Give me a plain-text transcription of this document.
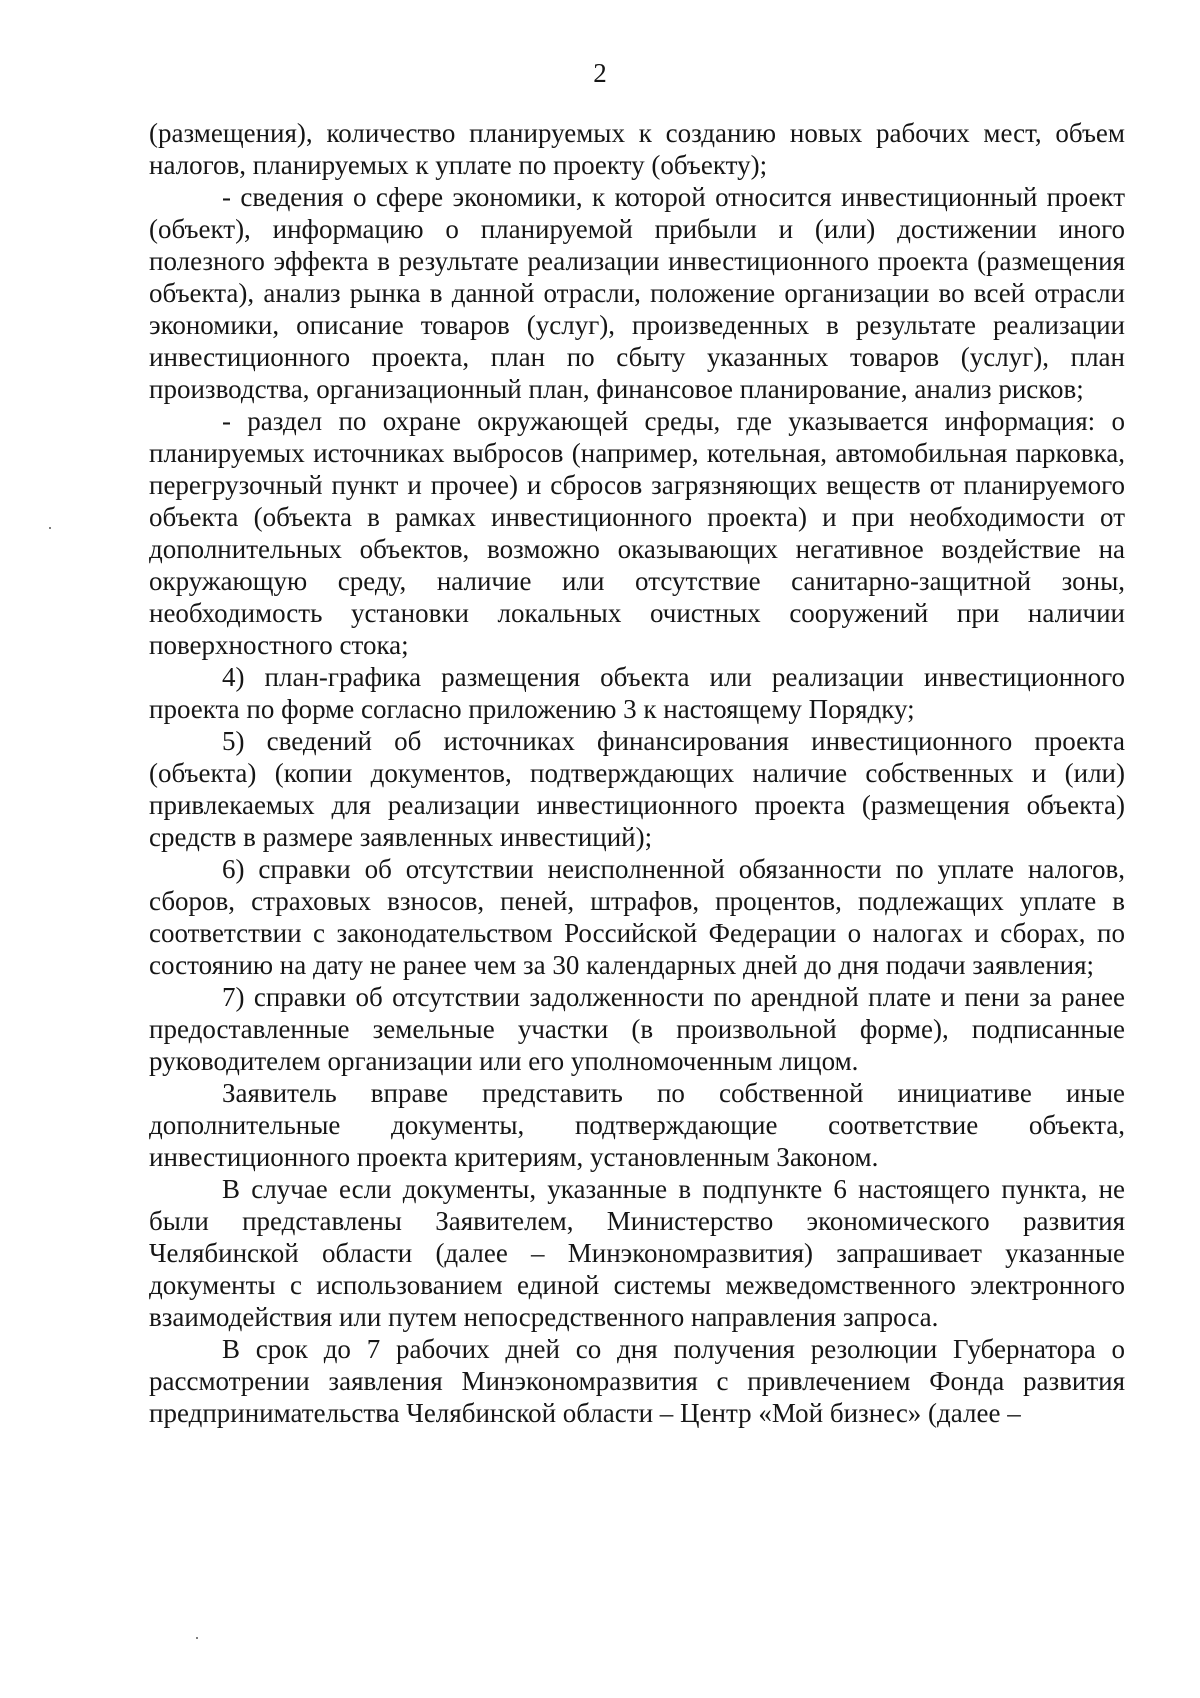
2

(размещения), количество планируемых к созданию новых рабочих мест, объем налогов, планируемых к уплате по проекту (объекту);

- сведения о сфере экономики, к которой относится инвестиционный проект (объект), информацию о планируемой прибыли и (или) достижении иного полезного эффекта в результате реализации инвестиционного проекта (размещения объекта), анализ рынка в данной отрасли, положение организации во всей отрасли экономики, описание товаров (услуг), произведенных в результате реализации инвестиционного проекта, план по сбыту указанных товаров (услуг), план производства, организационный план, финансовое планирование, анализ рисков;

- раздел по охране окружающей среды, где указывается информация: о планируемых источниках выбросов (например, котельная, автомобильная парковка, перегрузочный пункт и прочее) и сбросов загрязняющих веществ от планируемого объекта (объекта в рамках инвестиционного проекта) и при необходимости от дополнительных объектов, возможно оказывающих негативное воздействие на окружающую среду, наличие или отсутствие санитарно-защитной зоны, необходимость установки локальных очистных сооружений при наличии поверхностного стока;

4) план-графика размещения объекта или реализации инвестиционного проекта по форме согласно приложению 3 к настоящему Порядку;

5) сведений об источниках финансирования инвестиционного проекта (объекта) (копии документов, подтверждающих наличие собственных и (или) привлекаемых для реализации инвестиционного проекта (размещения объекта) средств в размере заявленных инвестиций);

6) справки об отсутствии неисполненной обязанности по уплате налогов, сборов, страховых взносов, пеней, штрафов, процентов, подлежащих уплате в соответствии с законодательством Российской Федерации о налогах и сборах, по состоянию на дату не ранее чем за 30 календарных дней до дня подачи заявления;

7) справки об отсутствии задолженности по арендной плате и пени за ранее предоставленные земельные участки (в произвольной форме), подписанные руководителем организации или его уполномоченным лицом.

Заявитель вправе представить по собственной инициативе иные дополнительные документы, подтверждающие соответствие объекта, инвестиционного проекта критериям, установленным Законом.

В случае если документы, указанные в подпункте 6 настоящего пункта, не были представлены Заявителем, Министерство экономического развития Челябинской области (далее – Минэкономразвития) запрашивает указанные документы с использованием единой системы межведомственного электронного взаимодействия или путем непосредственного направления запроса.

В срок до 7 рабочих дней со дня получения резолюции Губернатора о рассмотрении заявления Минэкономразвития с привлечением Фонда развития предпринимательства Челябинской области – Центр «Мой бизнес» (далее –
